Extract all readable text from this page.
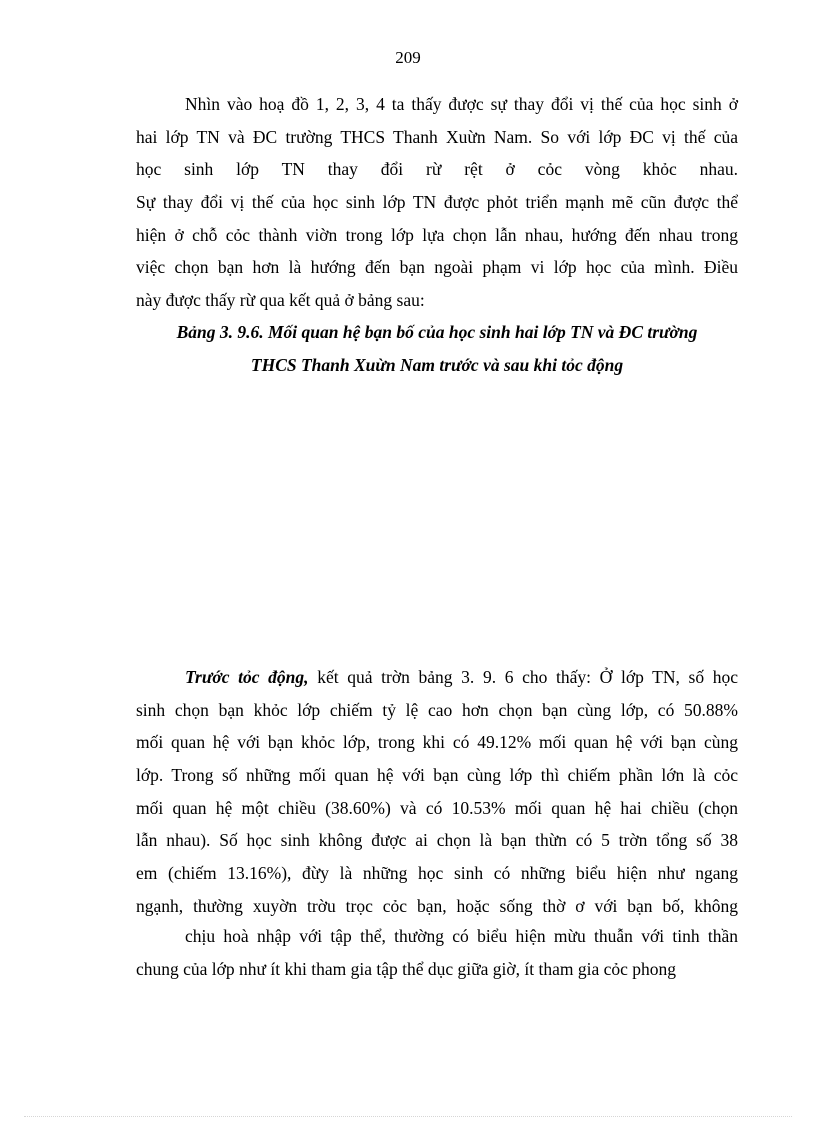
209
Nhìn vào hoạ đồ 1, 2, 3, 4 ta thấy được sự thay đổi vị thế của học sinh ở
hai lớp TN và ĐC trường THCS Thanh Xuừn Nam. So với lớp ĐC vị thế của
học sinh lớp TN thay đổi rừ rệt ở cỏc vòng khỏc nhau.
Sự thay đổi vị thế của học sinh lớp TN được phỏt triển mạnh mẽ cũn được thể
hiện ở chỗ cỏc thành viờn trong lớp lựa chọn lẫn nhau, hướng đến nhau trong
việc chọn bạn hơn là hướng đến bạn ngoài phạm vi lớp học của mình. Điều
này được thấy rừ qua kết quả ở bảng sau:
Bảng 3. 9.6. Mối quan hệ bạn bố của học sinh hai lớp TN và ĐC trường
THCS Thanh Xuừn Nam trước và sau khi tỏc động
Trước tỏc động, kết quả trờn bảng 3. 9. 6 cho thấy: Ở lớp TN, số học
sinh chọn bạn khỏc lớp chiếm tỷ lệ cao hơn chọn bạn cùng lớp, có 50.88%
mối quan hệ với bạn khỏc lớp, trong khi có 49.12% mối quan hệ với bạn cùng
lớp. Trong số những mối quan hệ với bạn cùng lớp thì chiếm phần lớn là cỏc
mối quan hệ một chiều (38.60%) và có 10.53% mối quan hệ hai chiều (chọn
lẫn nhau). Số học sinh không được ai chọn là bạn thừn có 5 trờn tổng số 38
em (chiếm 13.16%), đừy là những học sinh có những biểu hiện như ngang
ngạnh, thường xuyờn trờu trọc cỏc bạn, hoặc sống thờ ơ với bạn bố, không
chịu hoà nhập với tập thể, thường có biểu hiện mừu thuẫn với tinh thần
chung của lớp như ít khi tham gia tập thể dục giữa giờ, ít tham gia cỏc phong
